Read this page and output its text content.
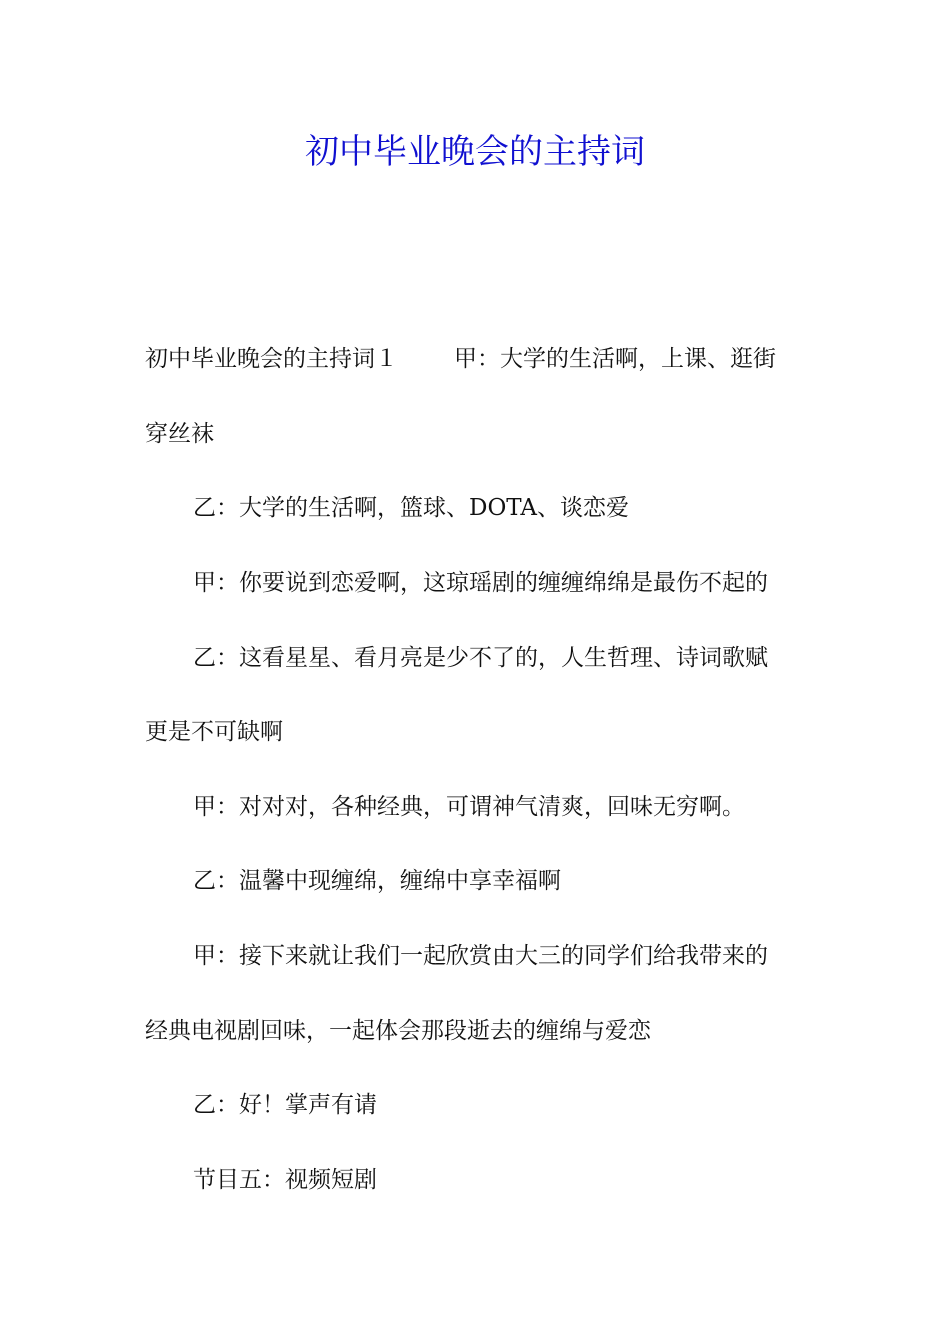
初中毕业晚会的主持词
初中毕业晚会的主持词１ 甲：大学的生活啊，上课、逛街
穿丝袜
乙：大学的生活啊，篮球、DOTA、谈恋爱
甲：你要说到恋爱啊，这琼瑶剧的缠缠绵绵是最伤不起的
乙：这看星星、看月亮是少不了的，人生哲理、诗词歌赋
更是不可缺啊
甲：对对对，各种经典，可谓神气清爽，回味无穷啊。
乙：温馨中现缠绵，缠绵中享幸福啊
甲：接下来就让我们一起欣赏由大三的同学们给我带来的
经典电视剧回味，一起体会那段逝去的缠绵与爱恋
乙：好！掌声有请
节目五：视频短剧
